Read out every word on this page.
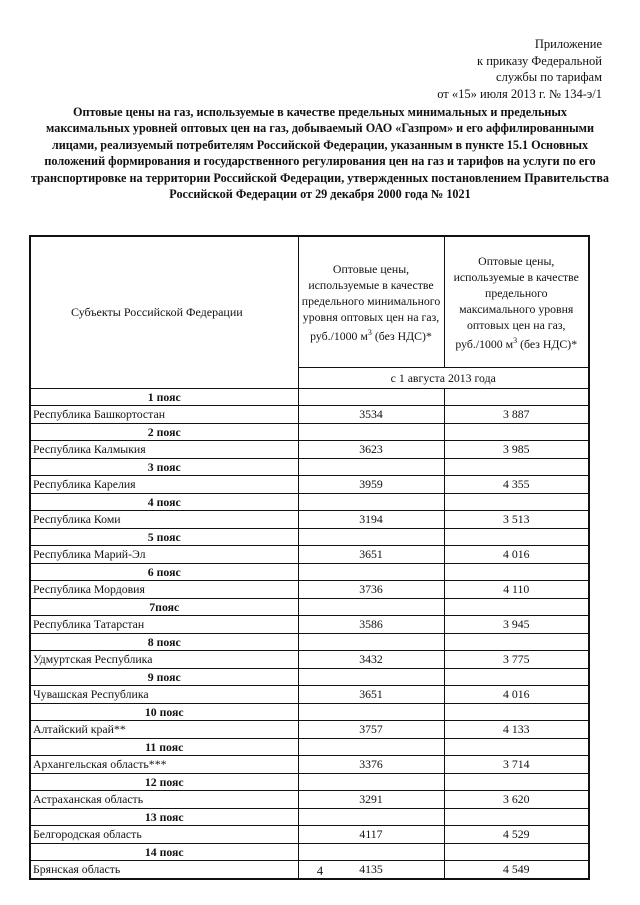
Приложение
к приказу Федеральной
службы по тарифам
от «15» июля 2013 г. № 134-э/1
Оптовые цены на газ, используемые в качестве предельных минимальных и предельных максимальных уровней оптовых цен на газ, добываемый ОАО «Газпром» и его аффилированными лицами, реализуемый потребителям Российской Федерации, указанным в пункте 15.1 Основных положений формирования и государственного регулирования цен на газ и тарифов на услуги по его транспортировке на территории Российской Федерации, утвержденных постановлением Правительства Российской Федерации от 29 декабря 2000 года № 1021
Субъекты Российской Федерации	Оптовые цены, используемые в качестве предельного минимального уровня оптовых цен на газ, руб./1000 $м^3$ (без НДС)*	Оптовые цены, используемые в качестве предельного максимального уровня оптовых цен на газ, руб./1000 $м^3$ (без НДС)*
	с 1 августа 2013 года	
1 пояс		
Республика Башкортостан	3534	3 887
2 пояс		
Республика Калмыкия	3623	3 985
3 пояс		
Республика Карелия	3959	4 355
4 пояс		
Республика Коми	3194	3 513
5 пояс		
Республика Марий-Эл	3651	4 016
6 пояс		
Республика Мордовия	3736	4 110
7пояс		
Республика Татарстан	3586	3 945
8 пояс		
Удмуртская Республика	3432	3 775
9 пояс		
Чувашская Республика	3651	4 016
10 пояс		
Алтайский край**	3757	4 133
11 пояс		
Архангельская область***	3376	3 714
12 пояс		
Астраханская область	3291	3 620
13 пояс		
Белгородская область	4117	4 529
14 пояс		
Брянская область	4135	4 549
4
